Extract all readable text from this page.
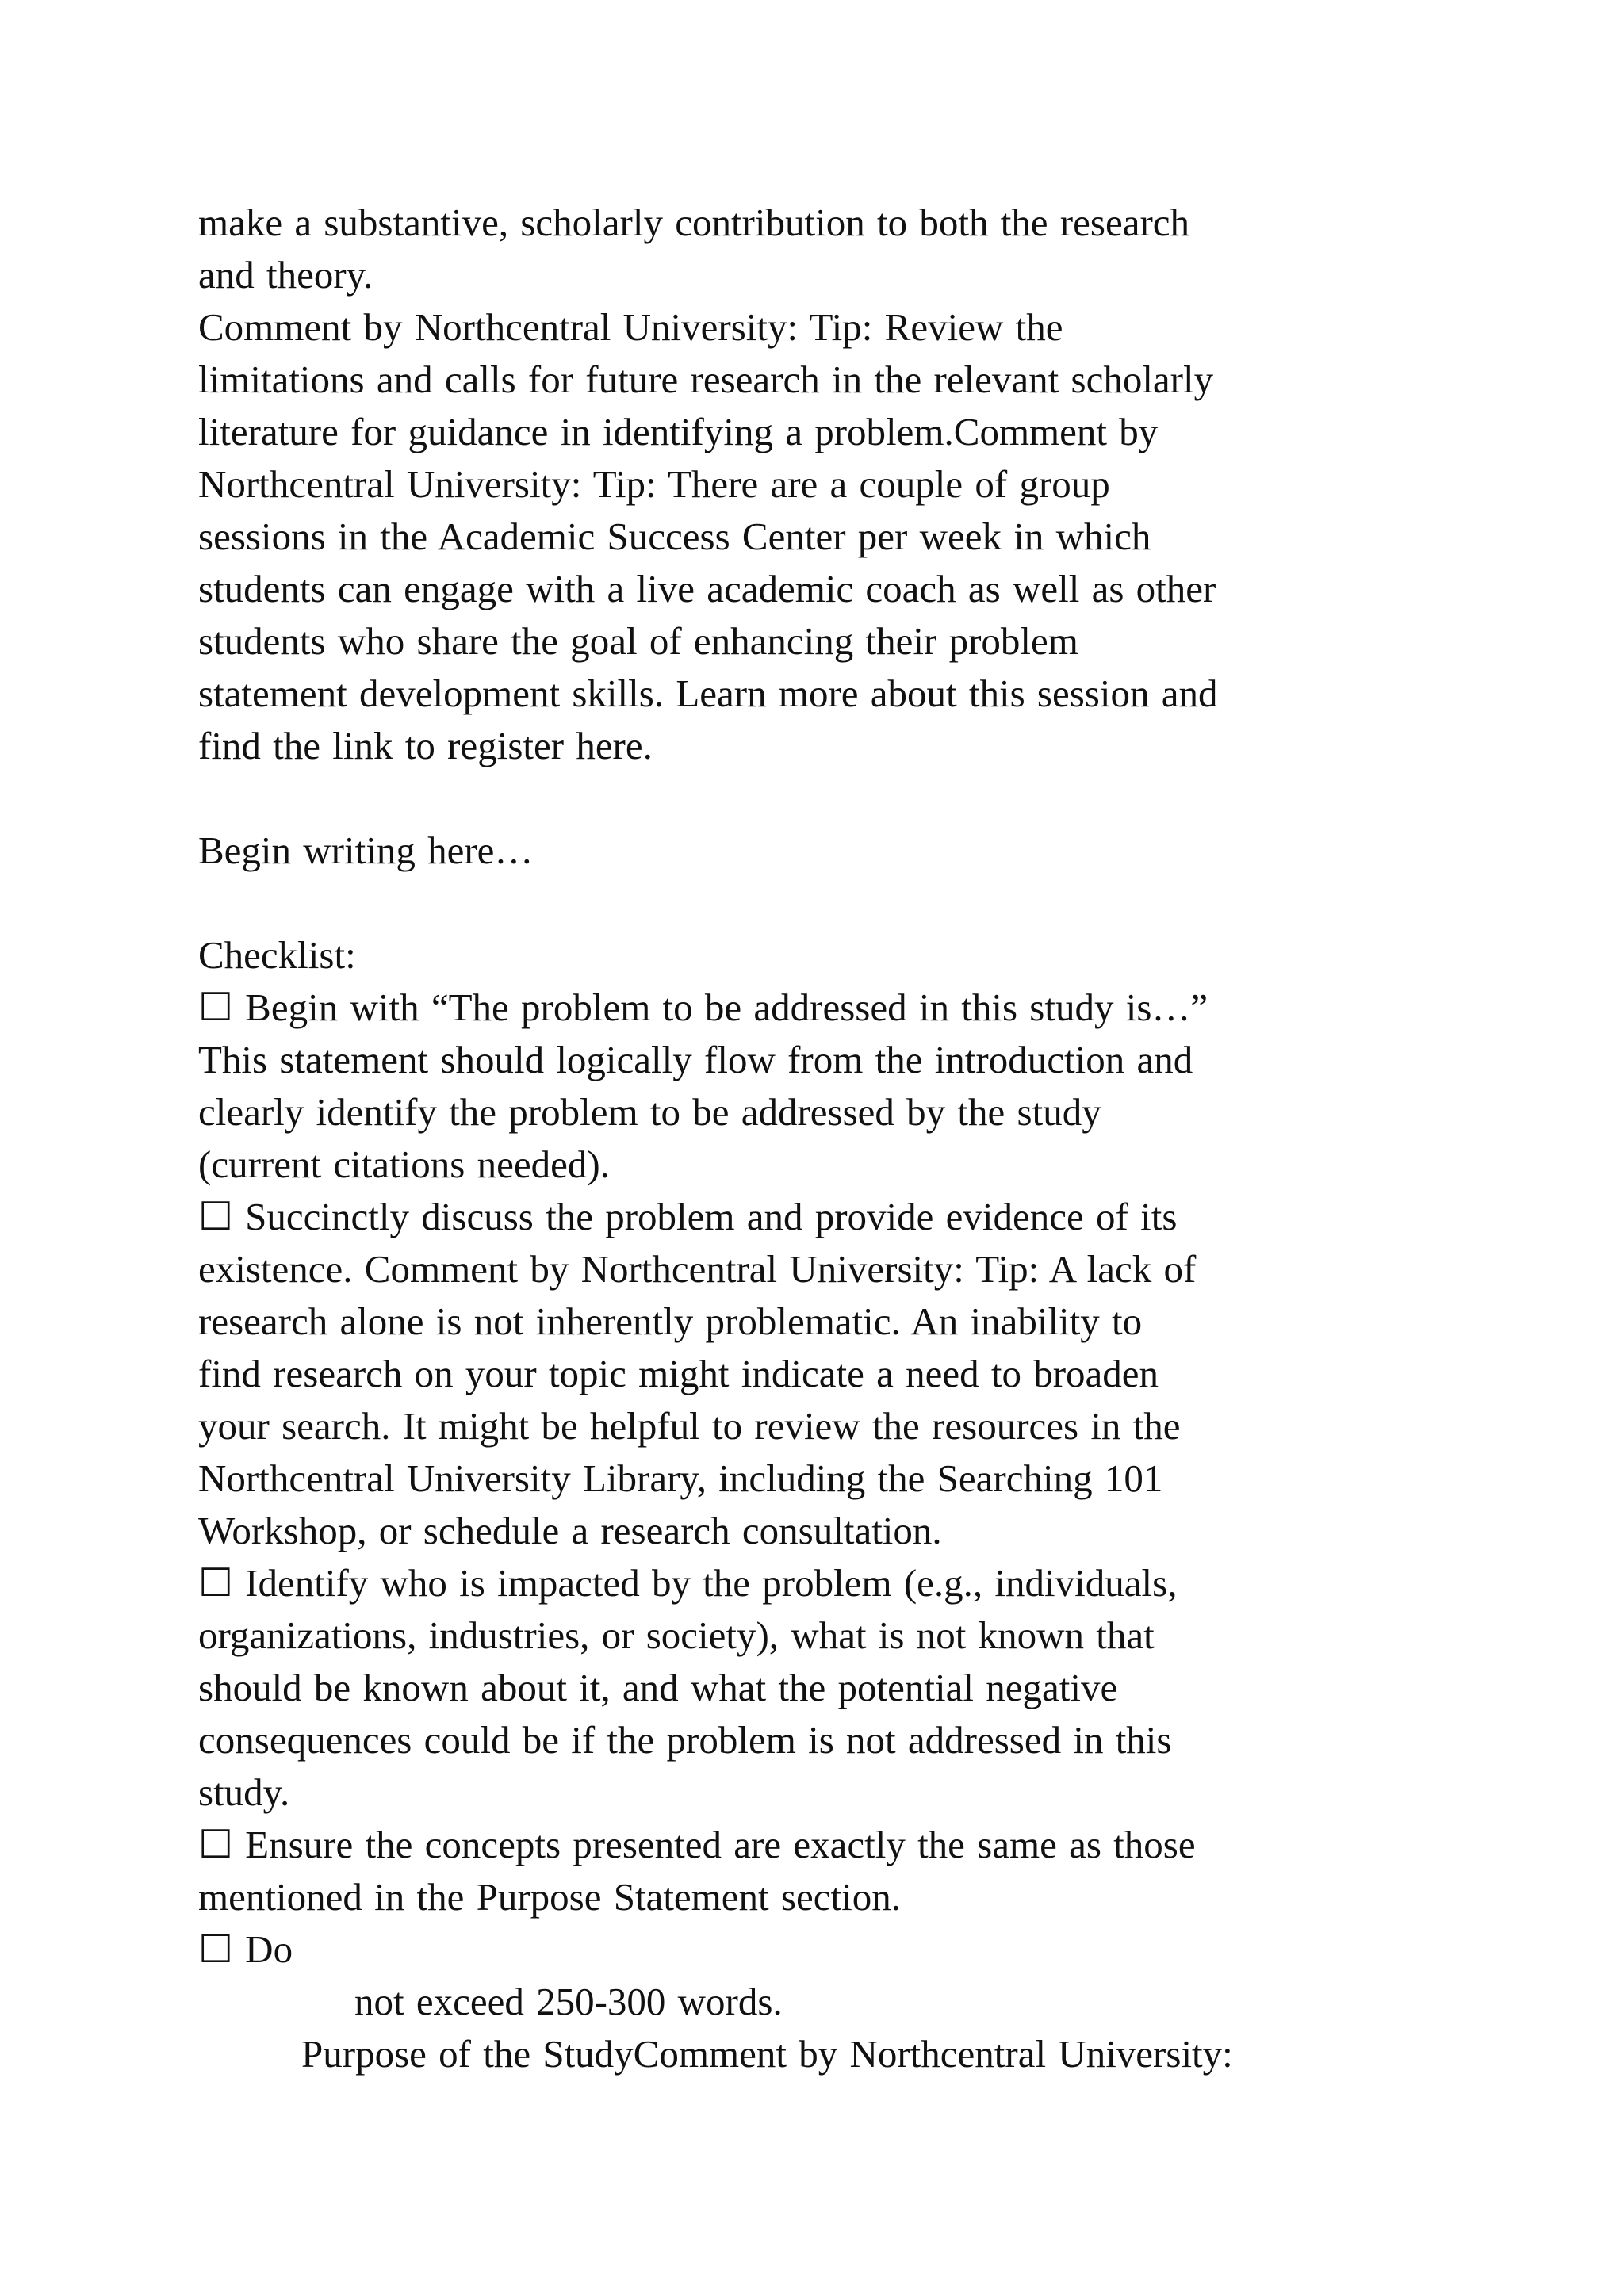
make a substantive, scholarly contribution to both the research
and theory.
Comment by Northcentral University: Tip: Review the
limitations and calls for future research in the relevant scholarly
literature for guidance in identifying a problem.Comment by
Northcentral University: Tip: There are a couple of group
sessions in the Academic Success Center per week in which
students can engage with a live academic coach as well as other
students who share the goal of enhancing their problem
statement development skills. Learn more about this session and
find the link to register here.
Begin writing here…
Checklist:
☐ Begin with “The problem to be addressed in this study is…”
This statement should logically flow from the introduction and
clearly identify the problem to be addressed by the study
(current citations needed).
☐ Succinctly discuss the problem and provide evidence of its
existence. Comment by Northcentral University: Tip: A lack of
research alone is not inherently problematic. An inability to
find research on your topic might indicate a need to broaden
your search. It might be helpful to review the resources in the
Northcentral University Library, including the Searching 101
Workshop, or schedule a research consultation.
☐ Identify who is impacted by the problem (e.g., individuals,
organizations, industries, or society), what is not known that
should be known about it, and what the potential negative
consequences could be if the problem is not addressed in this
study.
☐ Ensure the concepts presented are exactly the same as those
mentioned in the Purpose Statement section.
☐ Do
not exceed 250-300 words.
Purpose of the StudyComment by Northcentral University:
